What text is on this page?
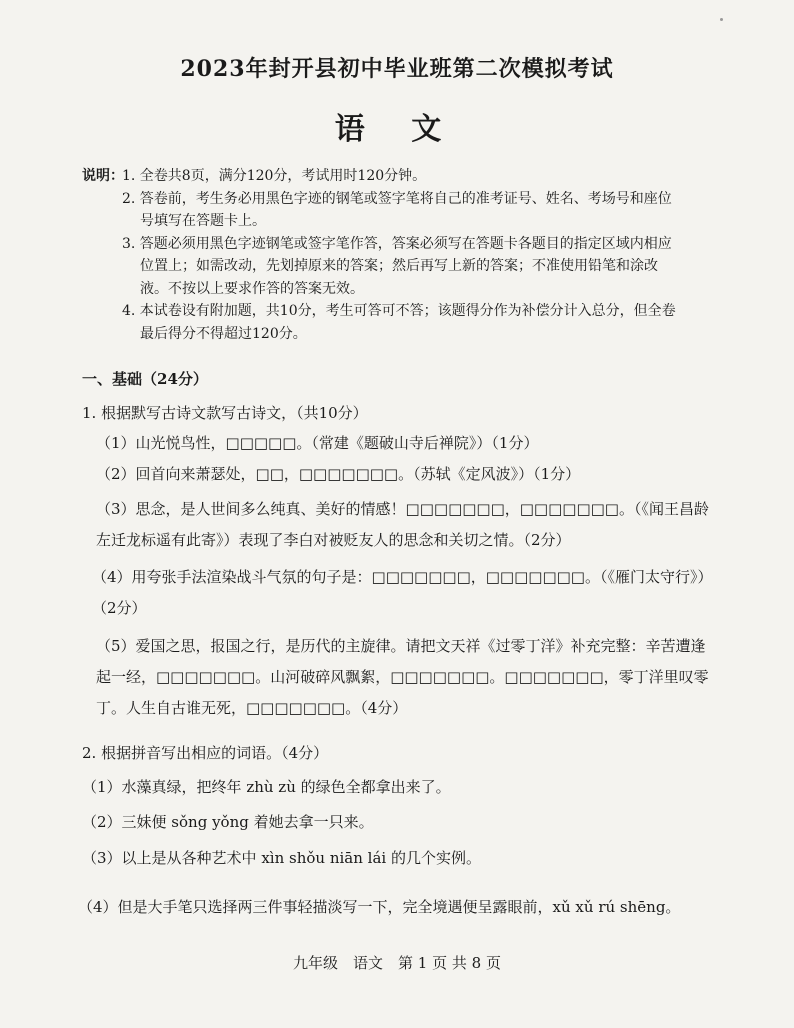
2023年封开县初中毕业班第二次模拟考试
语 文
说明：
1. 全卷共8页，满分120分，考试用时120分钟。
2. 答卷前，考生务必用黑色字迹的钢笔或签字笔将自己的准考证号、姓名、考场号和座位号填写在答题卡上。
3. 答题必须用黑色字迹钢笔或签字笔作答，答案必须写在答题卡各题目的指定区域内相应位置上；如需改动，先划掉原来的答案；然后再写上新的答案；不准使用铅笔和涂改液。不按以上要求作答的答案无效。
4. 本试卷设有附加题，共10分，考生可答可不答；该题得分作为补偿分计入总分，但全卷最后得分不得超过120分。
一、基础（24分）
1. 根据默写古诗文款写古诗文，（共10分）
（1）山光悦鸟性，□□□□□。（常建《题破山寺后禅院》）（1分）
（2）回首向来萧瑟处，□□，□□□□□□□。（苏轼《定风波》）（1分）
（3）思念，是人世间多么纯真、美好的情感！□□□□□□□，□□□□□□□。（《闻王昌龄左迁龙标遥有此寄》）表现了李白对被贬友人的思念和关切之情。（2分）
（4）用夸张手法渲染战斗气氛的句子是：□□□□□□□，□□□□□□□。（《雁门太守行》）（2分）
（5）爱国之思，报国之行，是历代的主旋律。请把文天祥《过零丁洋》补充完整：辛苦遭逢起一经，□□□□□□□。山河破碎风飘絮，□□□□□□□。□□□□□□□，零丁洋里叹零丁。人生自古谁无死，□□□□□□□。（4分）
2. 根据拼音写出相应的词语。（4分）
（1）水藻真绿，把终年 zhù zù 的绿色全都拿出来了。
（2）三妹便 sǒng yǒng 着她去拿一只来。
（3）以上是从各种艺术中 xìn shǒu niān lái 的几个实例。
（4）但是大手笔只选择两三件事轻描淡写一下，完全境遇便呈露眼前，xǔ xǔ rú shēng。
九年级　语文　第 1 页 共 8 页
